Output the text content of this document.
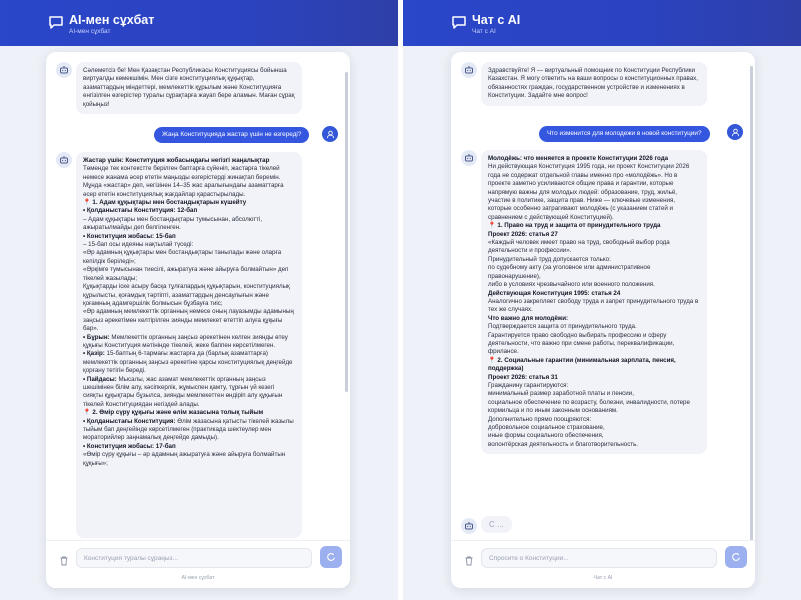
AI-мен сұхбат
AI-мен сұхбат
Сәлеметсіз бе! Мен Қазақстан Республикасы Конституциясы бойынша виртуалды көмекшімін. Мен сізге конституциялық құқықтар, азаматтардың міндеттері, мемлекеттік құрылым және Конституцияға енгізілген өзгерістер туралы сұрақтарға жауап бере аламын. Маған сұрақ қойыңыз!
Жаңа Конституцияда жастар үшін не өзгереді?

Жастар үшін: Конституция жобасындағы негізгі жаңалықтар

Төменде тек контекстте берілген баптарға сүйеніп, жастарға тікелей немесе жанама әсер ететін маңызды өзгерістерді жинақтап беремін. Мұнда «жастар» деп, негізінен 14–35 жас аралығындағы азаматтарға әсер ететін конституциялық жағдайлар қарастырылады.

📍 1. Адам құқықтары мен бостандықтарын күшейту

• Қолданыстағы Конституция: 12-бап

– Адам құқықтары мен бостандықтары тумысынан, абсолютті, ажыратылмайды деп белгіленген.

• Конституция жобасы: 15-бап

– 15-бап осы идеяны нақтылай түседі:

«Әр адамның құқықтары мен бостандықтары танылады және оларға кепілдік беріледі»;

«Әрқімге тумысынан тиесілі, ажыратуға және айыруға болмайтын» деп тікелей жазылады;

Құқықтарды іске асыру басқа тұлғалардың құқықтарын, конституциялық құрылысты, қоғамдық тәртіпті, азаматтардың денсаулығын және қоғамның адамгершілік болмысын бұзбауға тиіс;

«Әр адамның мемлекеттік органның немесе оның лауазымды адамының заңсыз әрекетімен келтірілген зиянды мемлекет өтеттіп алуға құқығы бар».

• Бұрын: Мемлекеттік органның заңсыз әрекетінен келген зиянды өтеу құқығы Конституция мәтінінде тікелей, жеке баппен көрсетілмеген.

• Қазір: 15-баптың 6-тармағы жастарға да (барлық азаматтарға) мемлекеттік органның заңсыз әрекетіне қарсы конституциялық деңгейде қорғану тетігін береді.

• Пайдасы: Мысалы, жас азамат мемлекеттік органның заңсыз шешімінен білім алу, кәсіпкерлік, жұмыспен қамту, тұрғын үй кезегі сияқты құқықтары бұзылса, зиянды мемлекеттен өндіріп алу құқығын тікелей Конституциядан негіздей алады.

📍 2. Өмір сүру құқығы және өлім жазасына толық тыйым

• Қолданыстағы Конституция: Өлім жазасына қатысты тікелей жазылы тыйым бап деңгейінде көрсетілмеген (практикада шектеулер мен мораторийлер заңнамалық деңгейде дамыды).

• Конституция жобасы: 17-бап

«Өмір сүру құқығы – әр адамның ажыратуға және айыруға болмайтын құқығы»;

Конституция туралы сұраңыз...
AI-мен сұхбат
Чат с AI
Чат с AI
Здравствуйте! Я — виртуальный помощник по Конституции Республики Казахстан. Я могу ответить на ваши вопросы о конституционных правах, обязанностях граждан, государственном устройстве и изменениях в Конституции. Задайте мне вопрос!
Что изменится для молодежи в новой конституции?

Молодёжь: что меняется в проекте Конституции 2026 года

Ни действующая Конституция 1995 года, ни проект Конституции 2026 года не содержат отдельной главы именно про «молодёжь». Но в проекте заметно усиливаются общие права и гарантии, которые напрямую важны для молодых людей: образование, труд, жильё, участие в политике, защита прав. Ниже — ключевые изменения, которые особенно затрагивают молодёжь (с указанием статей и сравнением с действующей Конституцией).

📍 1. Право на труд и защита от принудительного труда

Проект 2026: статья 27

«Каждый человек имеет право на труд, свободный выбор рода деятельности и профессии».

Принудительный труд допускается только:

по судебному акту (за уголовное или административное правонарушение),

либо в условиях чрезвычайного или военного положения.

Действующая Конституция 1995: статья 24

Аналогично закрепляет свободу труда и запрет принудительного труда в тех же случаях.

Что важно для молодёжи:

Подтверждается защита от принудительного труда.

Гарантируется право свободно выбирать профессию и сферу деятельности, что важно при смене работы, переквалификации, фрилансе.

📍 2. Социальные гарантии (минимальная зарплата, пенсия, поддержка)

Проект 2026: статья 31

Гражданину гарантируются:

минимальный размер заработной платы и пенсии,

социальное обеспечение по возрасту, болезни, инвалидности, потере кормильца и по иным законным основаниям.

Дополнительно прямо поощряются:

добровольное социальное страхование,

иные формы социального обеспечения,

волонтёрская деятельность и благотворительность.

С ...
Спросите о Конституции...
Чат с AI
